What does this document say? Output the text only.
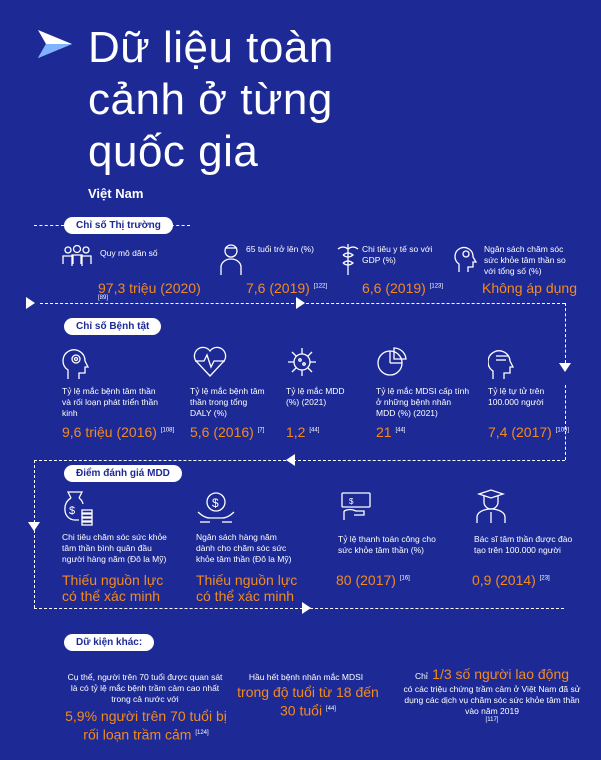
Dữ liệu toàn
cảnh ở từng
quốc gia
Việt Nam
Chỉ số Thị trường
Chỉ số Bệnh tật
Điểm đánh giá MDD
Dữ kiện khác:
Quy mô dân số
97,3 triệu (2020)
[89]
65 tuổi trở lên (%)
7,6 (2019) [122]
Chi tiêu y tế so với GDP (%)
6,6 (2019) [123]
Ngân sách chăm sóc sức khỏe tâm thần so với tổng số (%)
Không áp dụng
Tỷ lệ mắc bệnh tâm thần và rối loạn phát triển thần kinh
9,6 triệu (2016) [108]
Tỷ lệ mắc bệnh tâm thần trong tổng DALY (%)
5,6 (2016) [7]
Tỷ lệ mắc MDD (%) (2021)
1,2 [44]
Tỷ lệ mắc MDSI cấp tính ở những bệnh nhân MDD (%) (2021)
21 [44]
Tỷ lệ tự tử trên 100.000 người
7,4 (2017) [109]
$
Chi tiêu chăm sóc sức khỏe tâm thần bình quân đầu người hàng năm (Đô la Mỹ)
Thiếu nguồn lực có thể xác minh
$
Ngân sách hàng năm dành cho chăm sóc sức khỏe tâm thần (Đô la Mỹ)
Thiếu nguồn lực có thể xác minh
$
Tỷ lệ thanh toán công cho sức khỏe tâm thần (%)
80 (2017) [16]
Bác sĩ tâm thần được đào tạo trên 100.000 người
0,9 (2014) [23]
Cụ thể, người trên 70 tuổi được quan sát là có tỷ lệ mắc bệnh trầm cảm cao nhất trong cả nước với
5,9% người trên 70 tuổi bị rối loạn trầm cảm [124]
Hầu hết bệnh nhân mắc MDSI
trong độ tuổi từ 18 đến 30 tuổi [44]
Chỉ 1/3 số người lao động
có các triệu chứng trầm cảm ở Việt Nam đã sử dụng các dịch vụ chăm sóc sức khỏe tâm thần vào năm 2019
[117]
